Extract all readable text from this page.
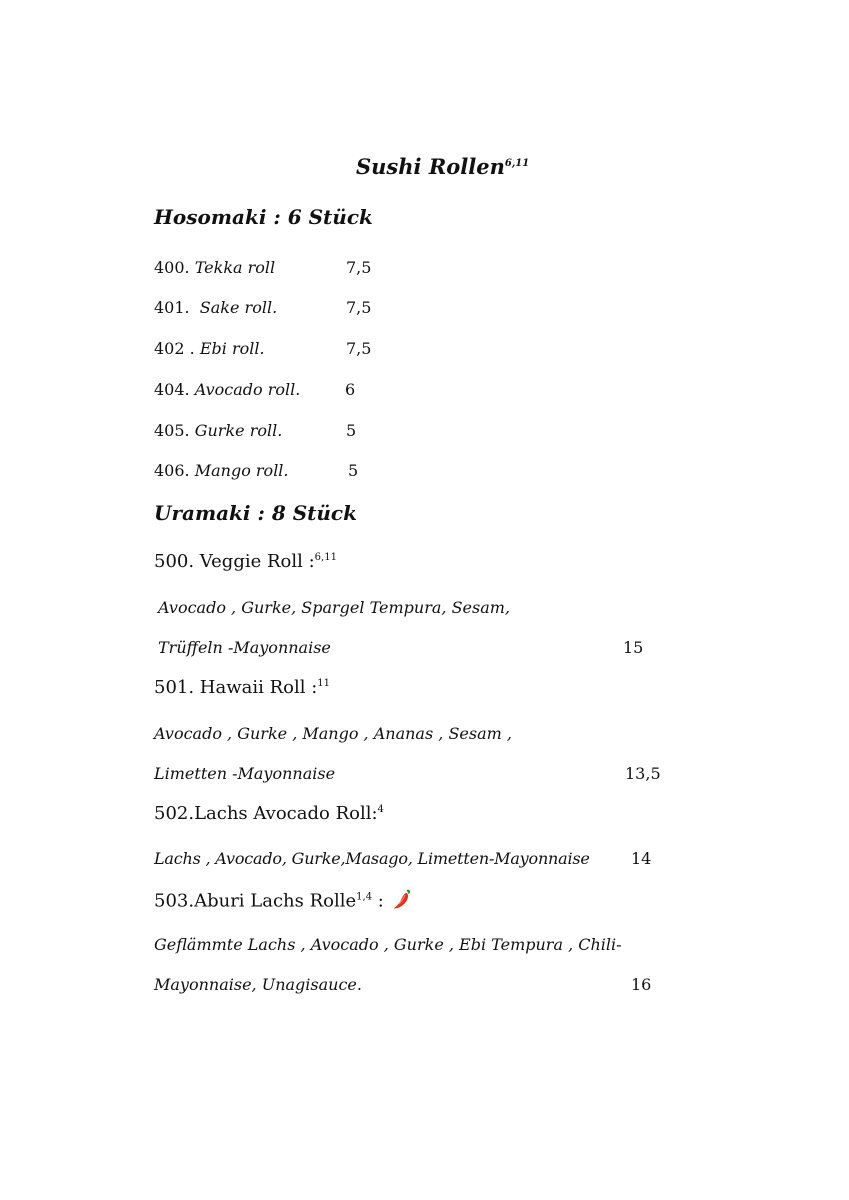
Sushi Rollen$^{6,11}$
Hosomaki : 6 Stück
400. Tekka roll	7,5
401. Sake roll.	7,5
402 . Ebi roll.	7,5
404. Avocado roll.	6
405. Gurke roll.	5
406. Mango roll.	5
Uramaki : 8 Stück
500. Veggie Roll :$^{6,11}$
Avocado , Gurke, Spargel Tempura, Sesam,
Trüffeln -Mayonnaise	15
501. Hawaii Roll :$^{11}$
Avocado , Gurke , Mango , Ananas , Sesam ,
Limetten -Mayonnaise	13,5
502.Lachs Avocado Roll:$^4$
Lachs , Avocado, Gurke,Masago, Limetten-Mayonnaise	14
503.Aburi Lachs Rolle$^{1,4}$ :
Geflämmte Lachs , Avocado , Gurke , Ebi Tempura , Chili-
Mayonnaise, Unagisauce.	16
